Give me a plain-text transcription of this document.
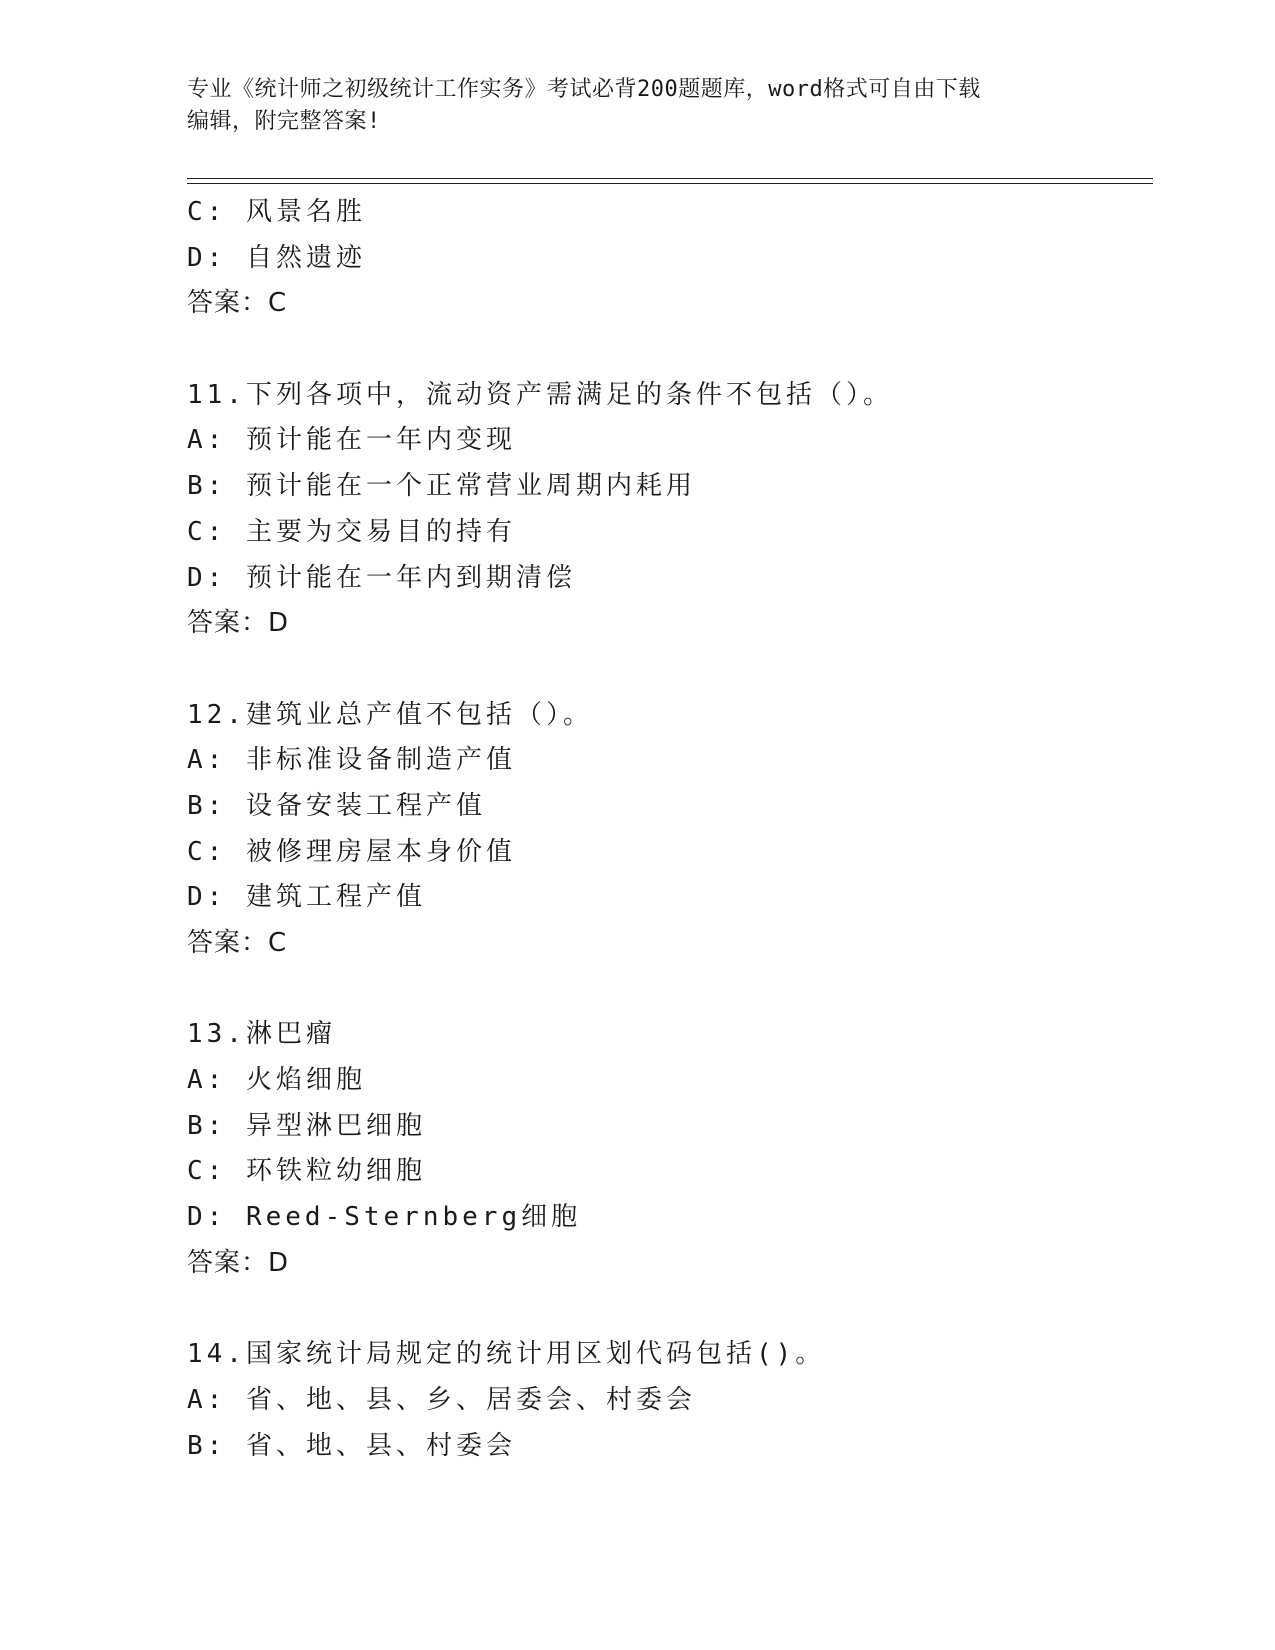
专业《统计师之初级统计工作实务》考试必背200题题库，word格式可自由下载
编辑，附完整答案!
C: 风景名胜
D: 自然遗迹
答案：C
11.下列各项中，流动资产需满足的条件不包括（）。
A: 预计能在一年内变现
B: 预计能在一个正常营业周期内耗用
C: 主要为交易目的持有
D: 预计能在一年内到期清偿
答案：D
12.建筑业总产值不包括（）。
A: 非标准设备制造产值
B: 设备安装工程产值
C: 被修理房屋本身价值
D: 建筑工程产值
答案：C
13.淋巴瘤
A: 火焰细胞
B: 异型淋巴细胞
C: 环铁粒幼细胞
D: Reed-Sternberg细胞
答案：D
14.国家统计局规定的统计用区划代码包括()。
A: 省、地、县、乡、居委会、村委会
B: 省、地、县、村委会
